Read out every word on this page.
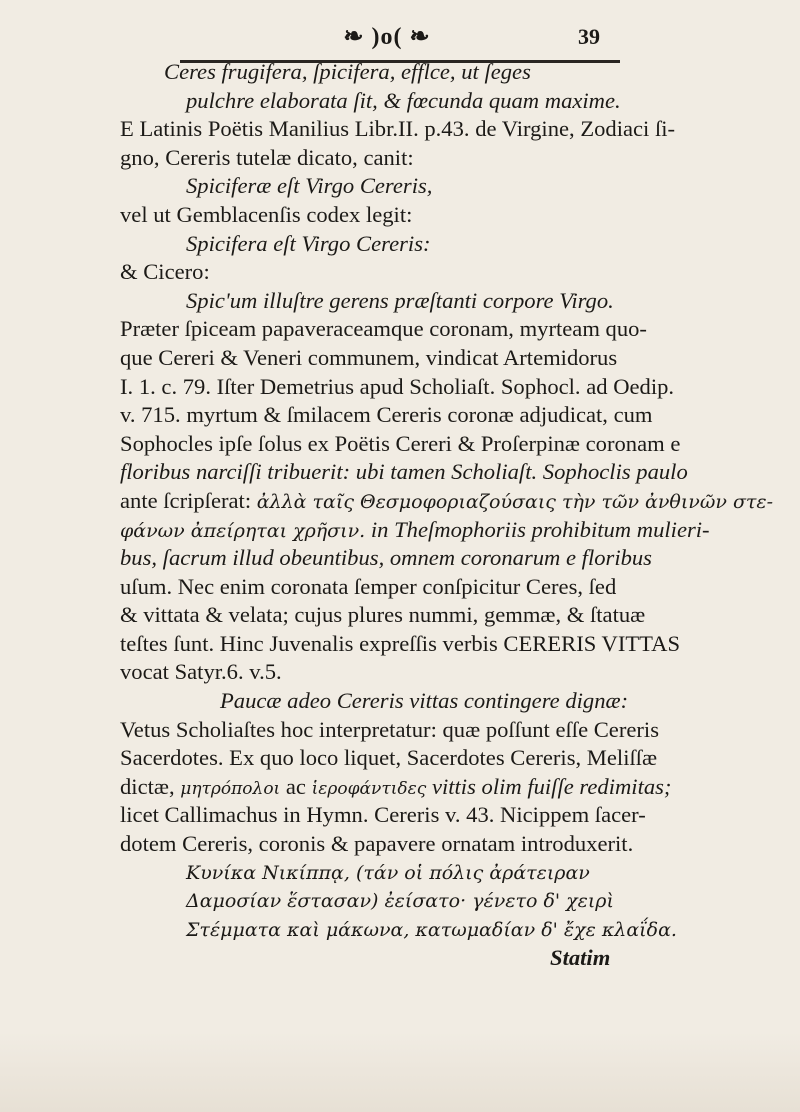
❧ )o( ❧	39
Ceres frugifera, ſpicifera, efflce, ut ſeges
pulchre elaborata ſit, & fœcunda quam maxime.
E Latinis Poëtis Manilius Libr.II. p.43. de Virgine, Zodiaci ſi-
gno, Cereris tutelæ dicato, canit:
Spiciferæ eſt Virgo Cereris,
vel ut Gemblacenſis codex legit:
Spicifera eſt Virgo Cereris:
& Cicero:
Spic'um illuſtre gerens præſtanti corpore Virgo.
Præter ſpiceam papaveraceamque coronam, myrteam quo-
que Cereri & Veneri communem, vindicat Artemidorus
I. 1. c. 79. Iſter Demetrius apud Scholiaſt. Sophocl. ad Oedip.
v. 715. myrtum & ſmilacem Cereris coronæ adjudicat, cum
Sophocles ipſe ſolus ex Poëtis Cereri & Proſerpinæ coronam e
floribus narciſſi tribuerit: ubi tamen Scholiaſt. Sophoclis paulo
ante ſcripſerat: ἀλλὰ ταῖς Θεσμοφοριαζούσαις τὴν τῶν ἀνθινῶν στε-
φάνων ἀπείρηται χρῆσιν. in Theſmophoriis prohibitum mulieri-
bus, ſacrum illud obeuntibus, omnem coronarum e floribus
uſum. Nec enim coronata ſemper conſpicitur Ceres, ſed
& vittata & velata; cujus plures nummi, gemmæ, & ſtatuæ
teſtes ſunt. Hinc Juvenalis expreſſis verbis CERERIS VITTAS
vocat Satyr.6. v.5.
Paucæ adeo Cereris vittas contingere dignæ:
Vetus Scholiaſtes hoc interpretatur: quæ poſſunt eſſe Cereris
Sacerdotes. Ex quo loco liquet, Sacerdotes Cereris, Meliſſæ
dictæ, μητρόπολοι ac ἱεροφάντιδες vittis olim fuiſſe redimitas;
licet Callimachus in Hymn. Cereris v. 43. Nicippem ſacer-
dotem Cereris, coronis & papavere ornatam introduxerit.
Κυνίκα Νικίππᾳ, (τάν οἱ πόλις ἀράτειραν
Δαμοσίαν ἕστασαν) ἐείσατο· γένετο δ' χειρὶ
Στέμματα καὶ μάκωνα, κατωμαδίαν δ' ἔχε κλαΐδα.
Statim
